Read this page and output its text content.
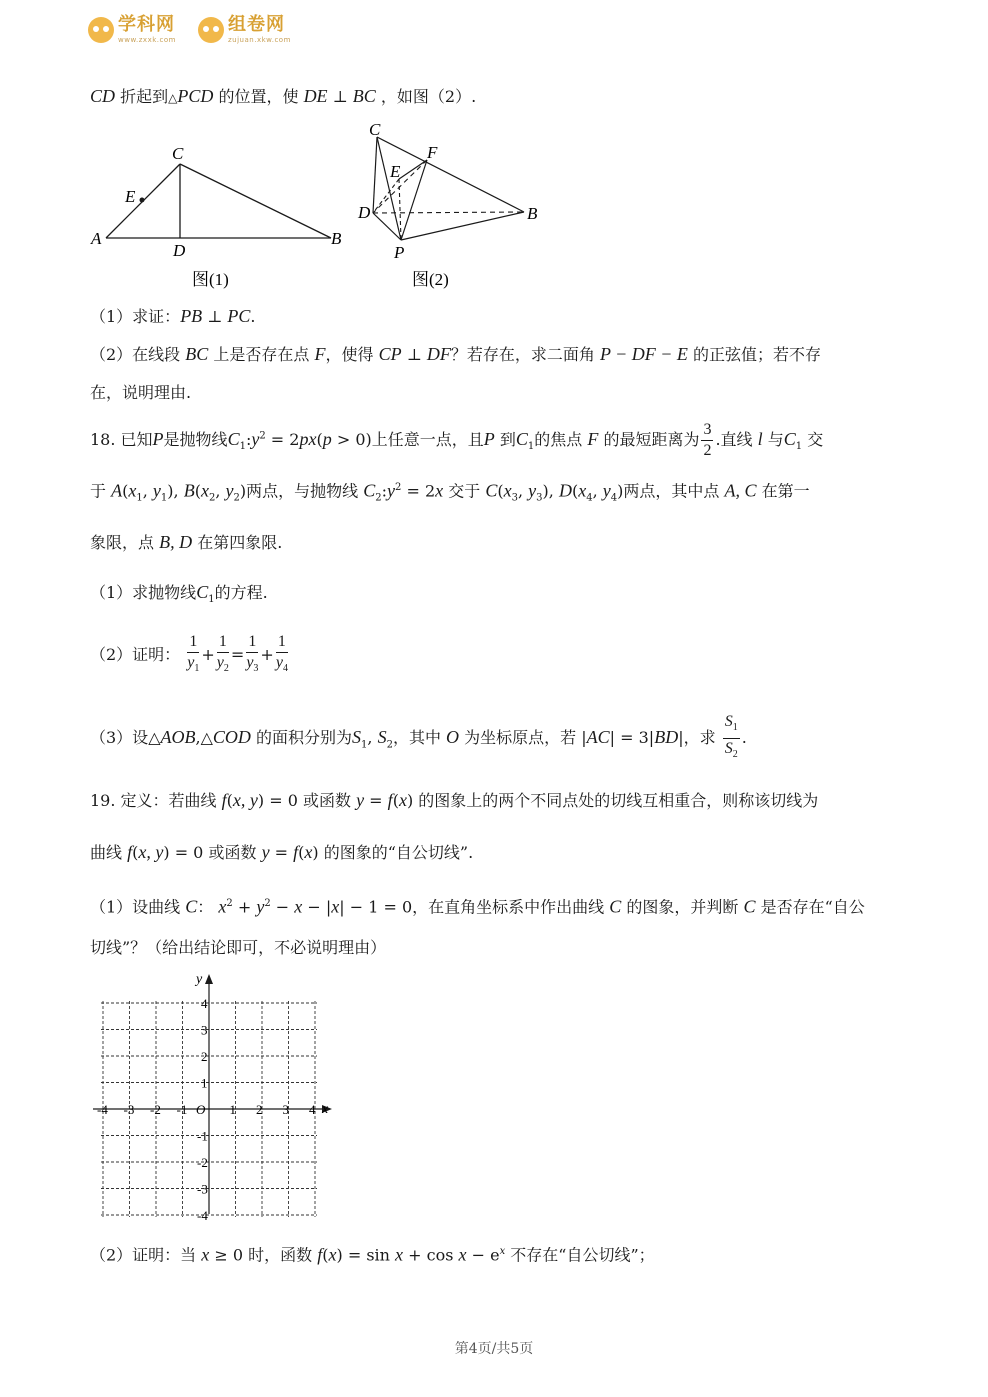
学科网
www.zxxk.com
组卷网
zujuan.xkw.com
CD 折起到△PCD 的位置，使 DE ⊥ BC ，如图（2）.
C
A	B
D
E
图(1)
C
E
F
D	B
P
图(2)
（1）求证：PB ⊥ PC.
（2）在线段 BC 上是否存在点 F，使得 CP ⊥ DF？若存在，求二面角 P − DF − E 的正弦值；若不存
在，说明理由.
18. 已知P是抛物线$C_1:y^2 = 2px(p > 0)$上任意一点，且P 到$C_1$的焦点 F 的最短距离为 $\frac{3}{2}$ .直线 l 与$C_1$ 交
于 $A(x_1$, $y_1$), $B(x_2$, $y_2$)两点，与抛物线 $C_2:y^2 = 2x$ 交于 $C(x_3$, $y_3$), $D(x_4$, $y_4$)两点，其中点 A, C 在第一
象限，点 B, D 在第四象限.
（1）求抛物线$C_1$的方程.
（2）证明： $\frac{1}{y_1} + \frac{1}{y_2} = \frac{1}{y_3} + \frac{1}{y_4}$
（3）设△AOB,△COD 的面积分别为$S_1$, $S_2$，其中 O 为坐标原点，若 |AC| = 3|BD|，求 $\frac{S_1}{S_2}$ .
19. 定义：若曲线 f(x, y) = 0 或函数 y = f(x) 的图象上的两个不同点处的切线互相重合，则称该切线为
曲线 f(x, y) = 0 或函数 y = f(x) 的图象的“自公切线”.
（1）设曲线 C： $x^2 + y^2 - x - |x| - 1 = 0$，在直角坐标系中作出曲线 C 的图象，并判断 C 是否存在“自公
切线”？（给出结论即可，不必说明理由）
x
y
O
-4 -3 -2 -1	1 2 3 4
4
3
2
1
-1
-2
-3
-4
（2）证明：当 x ≥ 0 时，函数 $f(x) = \sin x + \cos x - e^x$ 不存在“自公切线”；
第4页/共5页
